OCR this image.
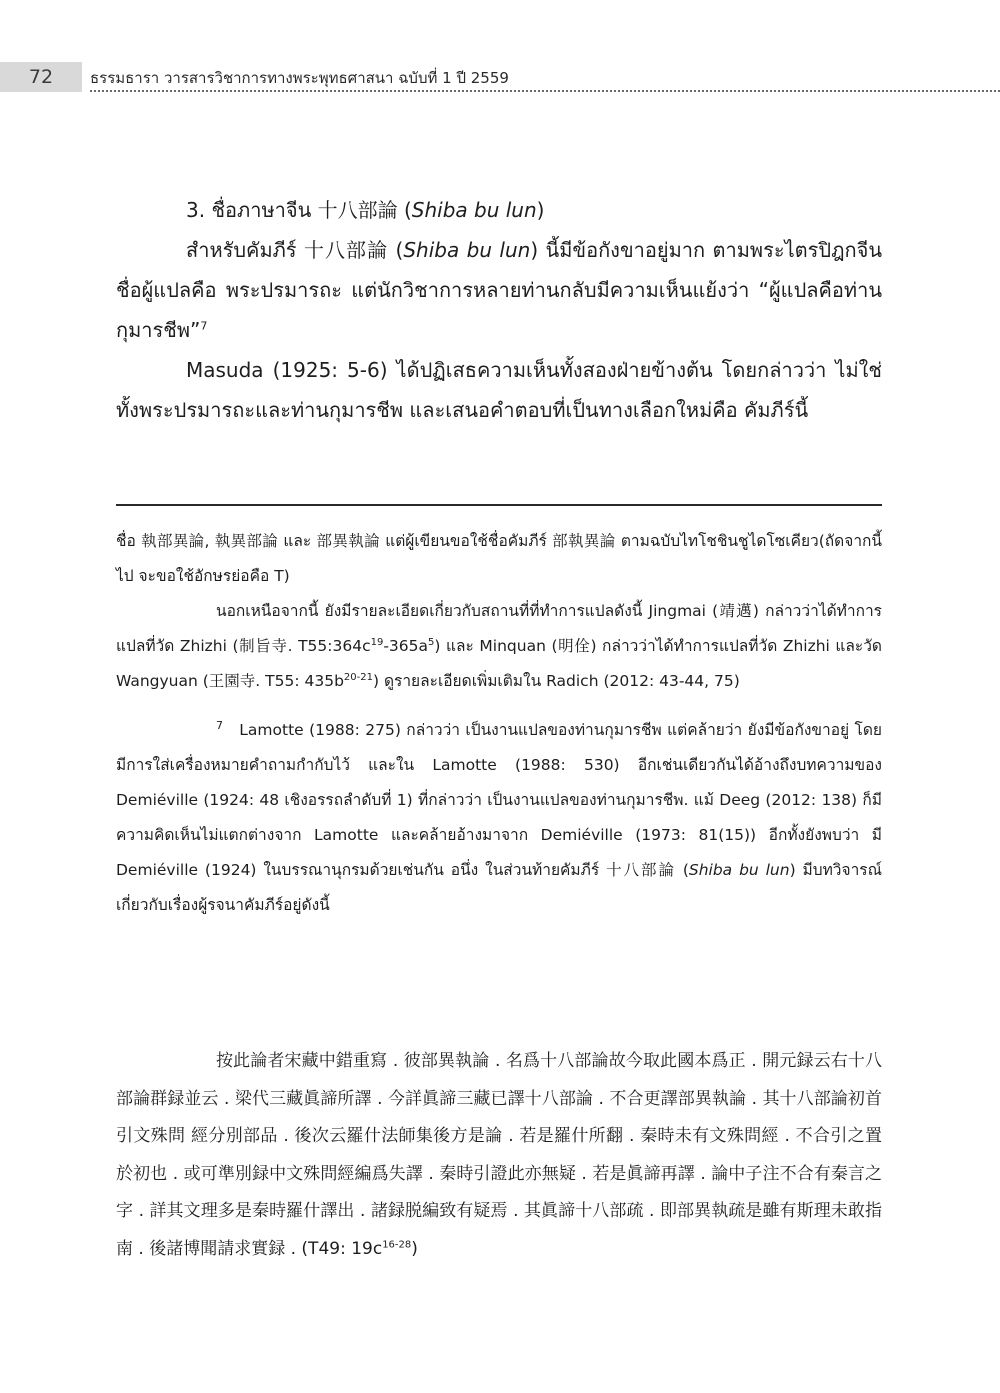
72	ธรรมธารา วารสารวิชาการทางพระพุทธศาสนา ฉบับที่ 1 ปี 2559

3. ชื่อภาษาจีน 十八部論 (Shiba bu lun)

สำหรับคัมภีร์ 十八部論 (Shiba bu lun) นี้มีข้อกังขาอยู่มาก ตามพระไตรปิฎกจีนชื่อผู้แปลคือ พระปรมารถะ แต่นักวิชาการหลายท่านกลับมีความเห็นแย้งว่า “ผู้แปลคือท่านกุมารชีพ”$^7$

Masuda (1925: 5-6) ได้ปฏิเสธความเห็นทั้งสองฝ่ายข้างต้น โดยกล่าวว่า ไม่ใช่ทั้งพระปรมารถะและท่านกุมารชีพ และเสนอคำตอบที่เป็นทางเลือกใหม่คือ คัมภีร์นี้

ชื่อ 執部異論, 執異部論 และ 部異執論 แต่ผู้เขียนขอใช้ชื่อคัมภีร์ 部執異論 ตามฉบับไทโชชินชูไดโซเคียว(ถัดจากนี้ไป จะขอใช้อักษรย่อคือ T)

นอกเหนือจากนี้ ยังมีรายละเอียดเกี่ยวกับสถานที่ที่ทำการแปลดังนี้ Jingmai (靖邁) กล่าวว่าได้ทำการแปลที่วัด Zhizhi (制旨寺. $T55:364c^{19}-365a^5$) และ Minquan (明佺) กล่าวว่าได้ทำการแปลที่วัด Zhizhi และวัด Wangyuan (王園寺. T55: $435b^{20-21}$) ดูรายละเอียดเพิ่มเติมใน Radich (2012: 43-44, 75)

$^7$ Lamotte (1988: 275) กล่าวว่า เป็นงานแปลของท่านกุมารชีพ แต่คล้ายว่า ยังมีข้อกังขาอยู่ โดยมีการใส่เครื่องหมายคำถามกำกับไว้ และใน Lamotte (1988: 530) อีกเช่นเดียวกันได้อ้างถึงบทความของ Demiéville (1924: 48 เชิงอรรถลำดับที่ 1) ที่กล่าวว่า เป็นงานแปลของท่านกุมารชีพ. แม้ Deeg (2012: 138) ก็มีความคิดเห็นไม่แตกต่างจาก Lamotte และคล้ายอ้างมาจาก Demiéville (1973: 81(15)) อีกทั้งยังพบว่า มี Demiéville (1924) ในบรรณานุกรมด้วยเช่นกัน อนึ่ง ในส่วนท้ายคัมภีร์ 十八部論 (Shiba bu lun) มีบทวิจารณ์เกี่ยวกับเรื่องผู้รจนาคัมภีร์อยู่ดังนี้

按此論者宋藏中錯重寫 . 彼部異執論 . 名爲十八部論故今取此國本爲正 . 開元録云右十八部論群録並云 . 梁代三藏眞諦所譯 . 今詳眞諦三藏已譯十八部論 . 不合更譯部異執論 . 其十八部論初首引文殊問 經分別部品 . 後次云羅什法師集後方是論 . 若是羅什所翻 . 秦時未有文殊問經 . 不合引之置於初也 . 或可準別録中文殊問經編爲失譯 . 秦時引證此亦無疑 . 若是眞諦再譯 . 論中子注不合有秦言之字 . 詳其文理多是秦時羅什譯出 . 諸録脱編致有疑焉 . 其眞諦十八部疏 . 即部異執疏是雖有斯理未敢指南 . 後諸博聞請求實録 . (T49: $19c^{16-28}$)
